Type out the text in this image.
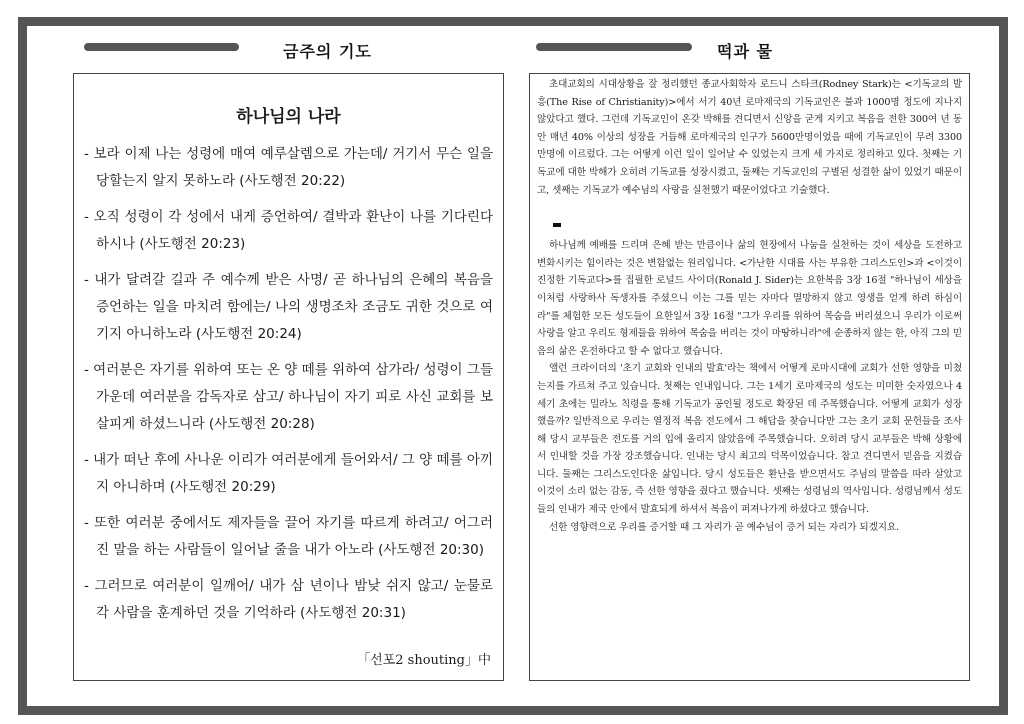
금주의 기도	떡과 물
하나님의 나라

- 보라 이제 나는 성령에 매여 예루살렘으로 가는데/ 거기서 무슨 일을 당할는지 알지 못하노라 (사도행전 20:22)

- 오직 성령이 각 성에서 내게 증언하여/ 결박과 환난이 나를 기다린다 하시나 (사도행전 20:23)

- 내가 달려갈 길과 주 예수께 받은 사명/ 곧 하나님의 은혜의 복음을 증언하는 일을 마치려 함에는/ 나의 생명조차 조금도 귀한 것으로 여기지 아니하노라 (사도행전 20:24)

- 여러분은 자기를 위하여 또는 온 양 떼를 위하여 삼가라/ 성령이 그들 가운데 여러분을 감독자로 삼고/ 하나님이 자기 피로 사신 교회를 보살피게 하셨느니라 (사도행전 20:28)

- 내가 떠난 후에 사나운 이리가 여러분에게 들어와서/ 그 양 떼를 아끼지 아니하며 (사도행전 20:29)

- 또한 여러분 중에서도 제자들을 끌어 자기를 따르게 하려고/ 어그러진 말을 하는 사람들이 일어날 줄을 내가 아노라 (사도행전 20:30)

- 그러므로 여러분이 일깨어/ 내가 삼 년이나 밤낮 쉬지 않고/ 눈물로 각 사람을 훈계하던 것을 기억하라 (사도행전 20:31)

「선포2 shouting」中

초대교회의 시대상황을 잘 정리했던 종교사회학자 로드니 스타크(Rodney Stark)는 <기독교의 발흥(The Rise of Christianity)>에서 서기 40년 로마제국의 기독교인은 불과 1000명 정도에 지나지 않았다고 했다. 그런데 기독교인이 온갖 박해를 견디면서 신앙을 굳게 지키고 복음을 전한 300여 년 동안 매년 40% 이상의 성장을 거듭해 로마제국의 인구가 5600만명이었을 때에 기독교인이 무려 3300만명에 이르렀다. 그는 어떻게 이런 일이 일어날 수 있었는지 크게 세 가지로 정리하고 있다. 첫째는 기독교에 대한 박해가 오히려 기독교를 성장시켰고, 둘째는 기독교인의 구별된 성결한 삶이 있었기 때문이고, 셋째는 기독교가 예수님의 사랑을 실천했기 때문이었다고 기술했다.

하나님께 예배를 드리며 은혜 받는 만큼이나 삶의 현장에서 나눔을 실천하는 것이 세상을 도전하고 변화시키는 힘이라는 것은 변함없는 원리입니다. <가난한 시대를 사는 부유한 그리스도인>과 <이것이 진정한 기독교다>를 집필한 로널드 사이더(Ronald J. Sider)는 요한복음 3장 16절 "하나님이 세상을 이처럼 사랑하사 독생자를 주셨으니 이는 그를 믿는 자마다 멸망하지 않고 영생을 얻게 하려 하심이라"를 체험한 모든 성도들이 요한일서 3장 16절 "그가 우리를 위하여 목숨을 버리셨으니 우리가 이로써 사랑을 알고 우리도 형제들을 위하여 목숨을 버리는 것이 마땅하니라"에 순종하지 않는 한, 아직 그의 믿음의 삶은 온전하다고 할 수 없다고 했습니다.

앨런 크라이더의 '초기 교회와 인내의 발효'라는 책에서 어떻게 로마시대에 교회가 선한 영향을 미쳤는지를 가르쳐 주고 있습니다. 첫째는 인내입니다. 그는 1세기 로마제국의 성도는 미미한 숫자였으나 4세기 초에는 밀라노 칙령을 통해 기독교가 공인될 정도로 확장된 데 주목했습니다. 어떻게 교회가 성장했을까? 일반적으로 우리는 열정적 복음 전도에서 그 해답을 찾습니다만 그는 초기 교회 문헌들을 조사해 당시 교부들은 전도를 거의 입에 올리지 않았음에 주목했습니다. 오히려 당시 교부들은 박해 상황에서 인내할 것을 가장 강조했습니다. 인내는 당시 최고의 덕목이었습니다. 참고 견디면서 믿음을 지켰습니다. 둘째는 그리스도인다운 삶입니다. 당시 성도들은 환난을 받으면서도 주님의 말씀을 따라 살았고 이것이 소리 없는 감동, 즉 선한 영향을 줬다고 했습니다. 셋째는 성령님의 역사입니다. 성령님께서 성도들의 인내가 제국 안에서 발효되게 하셔서 복음이 퍼져나가게 하셨다고 했습니다.

선한 영향력으로 우리를 증거할 때 그 자리가 곧 예수님이 증거 되는 자리가 되겠지요.
